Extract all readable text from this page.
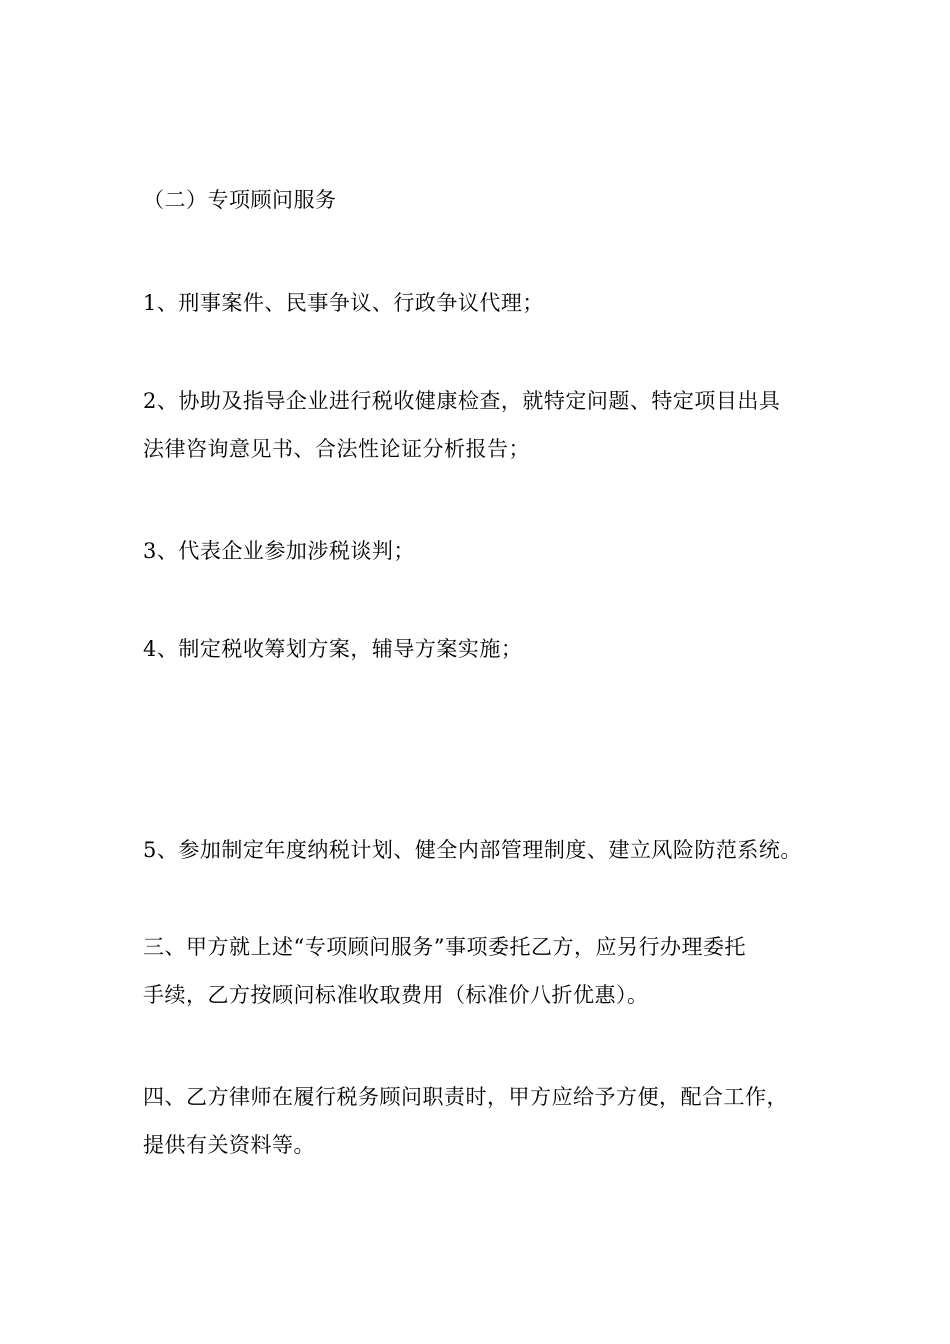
（二）专项顾问服务

1、刑事案件、民事争议、行政争议代理；

2、协助及指导企业进行税收健康检查，就特定问题、特定项目出具
法律咨询意见书、合法性论证分析报告；

3、代表企业参加涉税谈判；

4、制定税收筹划方案，辅导方案实施；

5、参加制定年度纳税计划、健全内部管理制度、建立风险防范系统。

三、甲方就上述“专项顾问服务”事项委托乙方，应另行办理委托
手续，乙方按顾问标准收取费用（标准价八折优惠）。

四、乙方律师在履行税务顾问职责时，甲方应给予方便，配合工作，
提供有关资料等。
